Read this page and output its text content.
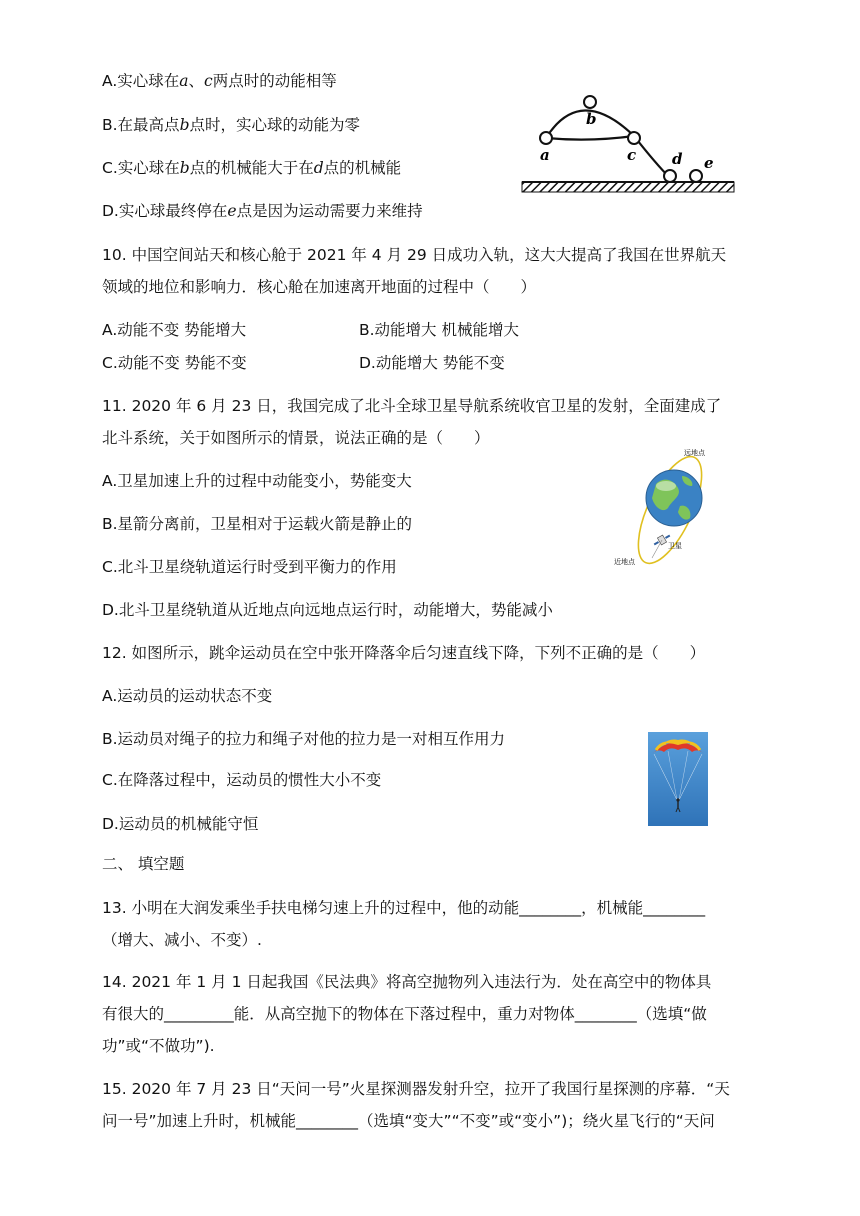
A.实心球在a、c两点时的动能相等
B.在最高点b点时，实心球的动能为零
C.实心球在b点的机械能大于在d点的机械能
D.实心球最终停在e点是因为运动需要力来维持
a
b
c d e
10. 中国空间站天和核心舱于 2021 年 4 月 29 日成功入轨，这大大提高了我国在世界航天
领域的地位和影响力．核心舱在加速离开地面的过程中（　　）
A.动能不变 势能增大	B.动能增大 机械能增大
C.动能不变 势能不变	D.动能增大 势能不变
11. 2020 年 6 月 23 日，我国完成了北斗全球卫星导航系统收官卫星的发射，全面建成了
北斗系统，关于如图所示的情景，说法正确的是（　　）
A.卫星加速上升的过程中动能变小，势能变大
B.星箭分离前，卫星相对于运载火箭是静止的
C.北斗卫星绕轨道运行时受到平衡力的作用
D.北斗卫星绕轨道从近地点向远地点运行时，动能增大，势能减小
远地点
近地点
卫星
12. 如图所示，跳伞运动员在空中张开降落伞后匀速直线下降，下列不正确的是（　　）
A.运动员的运动状态不变
B.运动员对绳子的拉力和绳子对他的拉力是一对相互作用力
C.在降落过程中，运动员的惯性大小不变
D.运动员的机械能守恒
二、 填空题
13. 小明在大润发乘坐手扶电梯匀速上升的过程中，他的动能________，机械能________
（增大、减小、不变）.
14. 2021 年 1 月 1 日起我国《民法典》将高空抛物列入违法行为．处在高空中的物体具
有很大的_________能．从高空抛下的物体在下落过程中，重力对物体________（选填“做
功”或“不做功”).
15. 2020 年 7 月 23 日“天问一号”火星探测器发射升空，拉开了我国行星探测的序幕．“天
问一号”加速上升时，机械能________（选填“变大”“不变”或“变小”)；绕火星飞行的“天问
